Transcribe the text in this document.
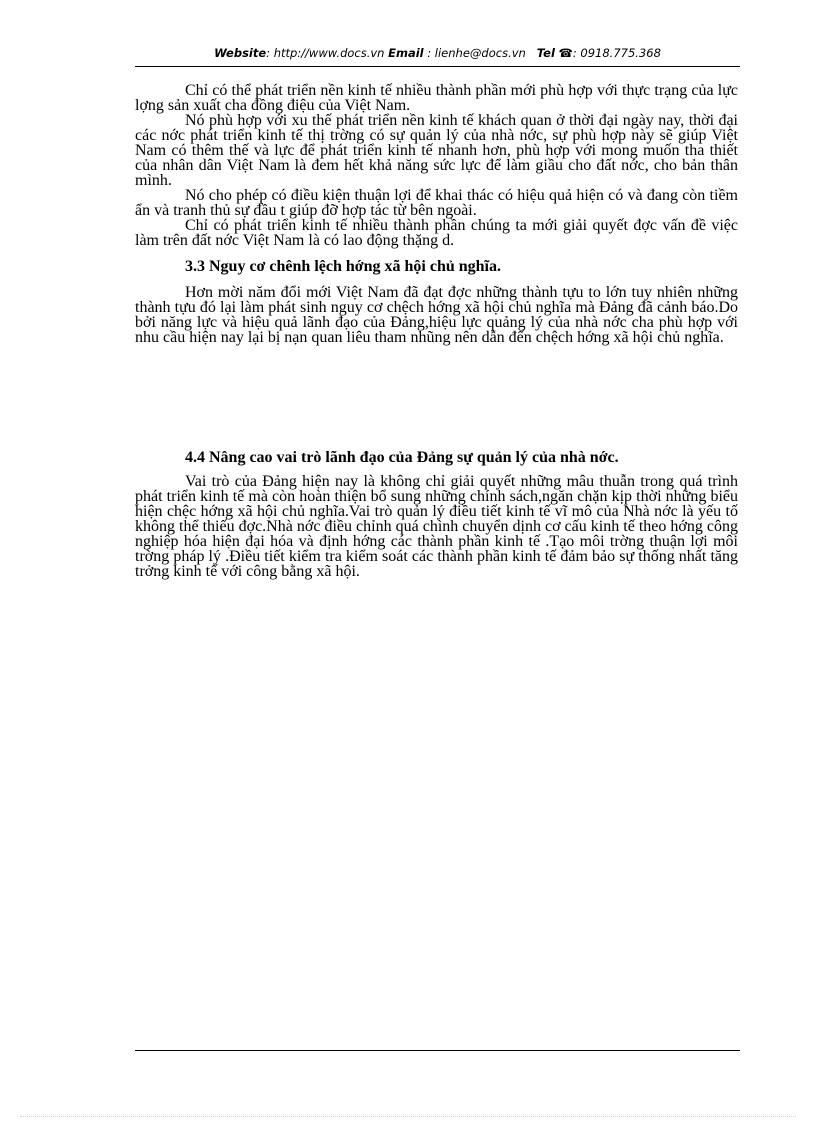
Website: http://www.docs.vn Email : lienhe@docs.vn Tel ☎: 0918.775.368

Chỉ có thể phát triển nền kinh tế nhiều thành phần mới phù hợp với thực trạng của lực lợng sản xuất cha đồng điệu của Việt Nam.

Nó phù hợp với xu thế phát triển nền kinh tế khách quan ở thời đại ngày nay, thời đại các nớc phát triển kinh tế thị trờng có sự quản lý của nhà nớc, sự phù hợp này sẽ giúp Việt Nam có thêm thế và lực để phát triển kinh tế nhanh hơn, phù hợp với mong muốn tha thiết của nhân dân Việt Nam là đem hết khả năng sức lực để làm giầu cho đất nớc, cho bản thân mình.

Nó cho phép có điều kiện thuận lợi để khai thác có hiệu quả hiện có và đang còn tiềm ẩn và tranh thủ sự đầu t giúp đỡ hợp tác từ bên ngoài.

Chỉ có phát triển kinh tế nhiều thành phần chúng ta mới giải quyết đợc vấn đề việc làm trên đất nớc Việt Nam là có lao động thặng d.

3.3 Nguy cơ chênh lệch hớng xã hội chủ nghĩa.

Hơn mời năm đổi mới Việt Nam đã đạt đợc những thành tựu to lớn tuy nhiên những thành tựu đó lại làm phát sinh nguy cơ chệch hớng xã hội chủ nghĩa mà Đảng đã cảnh báo.Do bởi năng lực và hiệu quả lãnh đạo của Đảng,hiệu lực quảng lý của nhà nớc cha phù hợp với nhu cầu hiện nay lại bị nạn quan liêu tham nhũng nên dẫn đến chệch hớng xã hội chủ nghĩa.

4.4 Nâng cao vai trò lãnh đạo của Đảng sự quản lý của nhà nớc.

Vai trò của Đảng hiện nay là không chỉ giải quyết những mâu thuẫn trong quá trình phát triển kinh tế mà còn hoàn thiện bổ sung những chính sách,ngăn chặn kịp thời những biểu hiện chệc hớng xã hội chủ nghĩa.Vai trò quản lý điều tiết kinh tế vĩ mô của Nhà nớc là yếu tố không thể thiếu đợc.Nhà nớc điều chỉnh quá chình chuyển dịnh cơ cấu kinh tế theo hớng công nghiệp hóa hiện đại hóa và định hớng các thành phần kinh tế .Tạo môi trờng thuận lợi môi trờng pháp lý .Điều tiết kiểm tra kiểm soát các thành phần kinh tế đảm bảo sự thống nhất tăng trởng kinh tế với công bằng xã hội.
